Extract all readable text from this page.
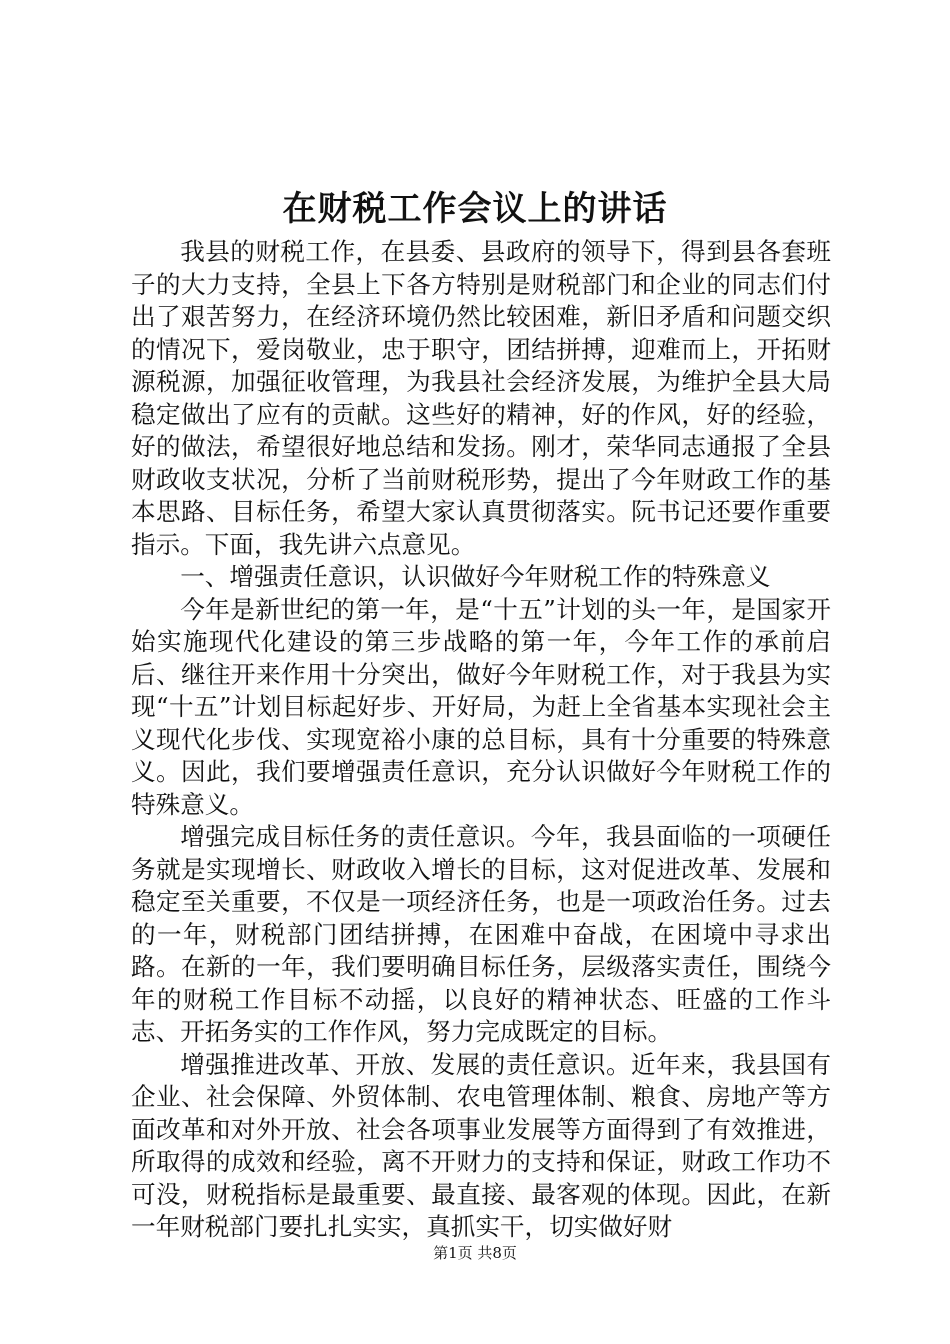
在财税工作会议上的讲话

我县的财税工作，在县委、县政府的领导下，得到县各套班子的大力支持，全县上下各方特别是财税部门和企业的同志们付出了艰苦努力，在经济环境仍然比较困难，新旧矛盾和问题交织的情况下，爱岗敬业，忠于职守，团结拼搏，迎难而上，开拓财源税源，加强征收管理，为我县社会经济发展，为维护全县大局稳定做出了应有的贡献。这些好的精神，好的作风，好的经验，好的做法，希望很好地总结和发扬。刚才，荣华同志通报了全县财政收支状况，分析了当前财税形势，提出了今年财政工作的基本思路、目标任务，希望大家认真贯彻落实。阮书记还要作重要指示。下面，我先讲六点意见。

一、增强责任意识，认识做好今年财税工作的特殊意义

今年是新世纪的第一年，是“十五”计划的头一年，是国家开始实施现代化建设的第三步战略的第一年，今年工作的承前启后、继往开来作用十分突出，做好今年财税工作，对于我县为实现“十五”计划目标起好步、开好局，为赶上全省基本实现社会主义现代化步伐、实现宽裕小康的总目标，具有十分重要的特殊意义。因此，我们要增强责任意识，充分认识做好今年财税工作的特殊意义。

增强完成目标任务的责任意识。今年，我县面临的一项硬任务就是实现增长、财政收入增长的目标，这对促进改革、发展和稳定至关重要，不仅是一项经济任务，也是一项政治任务。过去的一年，财税部门团结拼搏，在困难中奋战，在困境中寻求出路。在新的一年，我们要明确目标任务，层级落实责任，围绕今年的财税工作目标不动摇，以良好的精神状态、旺盛的工作斗志、开拓务实的工作作风，努力完成既定的目标。

增强推进改革、开放、发展的责任意识。近年来，我县国有企业、社会保障、外贸体制、农电管理体制、粮食、房地产等方面改革和对外开放、社会各项事业发展等方面得到了有效推进，所取得的成效和经验，离不开财力的支持和保证，财政工作功不可没，财税指标是最重要、最直接、最客观的体现。因此，在新一年财税部门要扎扎实实，真抓实干，切实做好财

第1页 共8页
